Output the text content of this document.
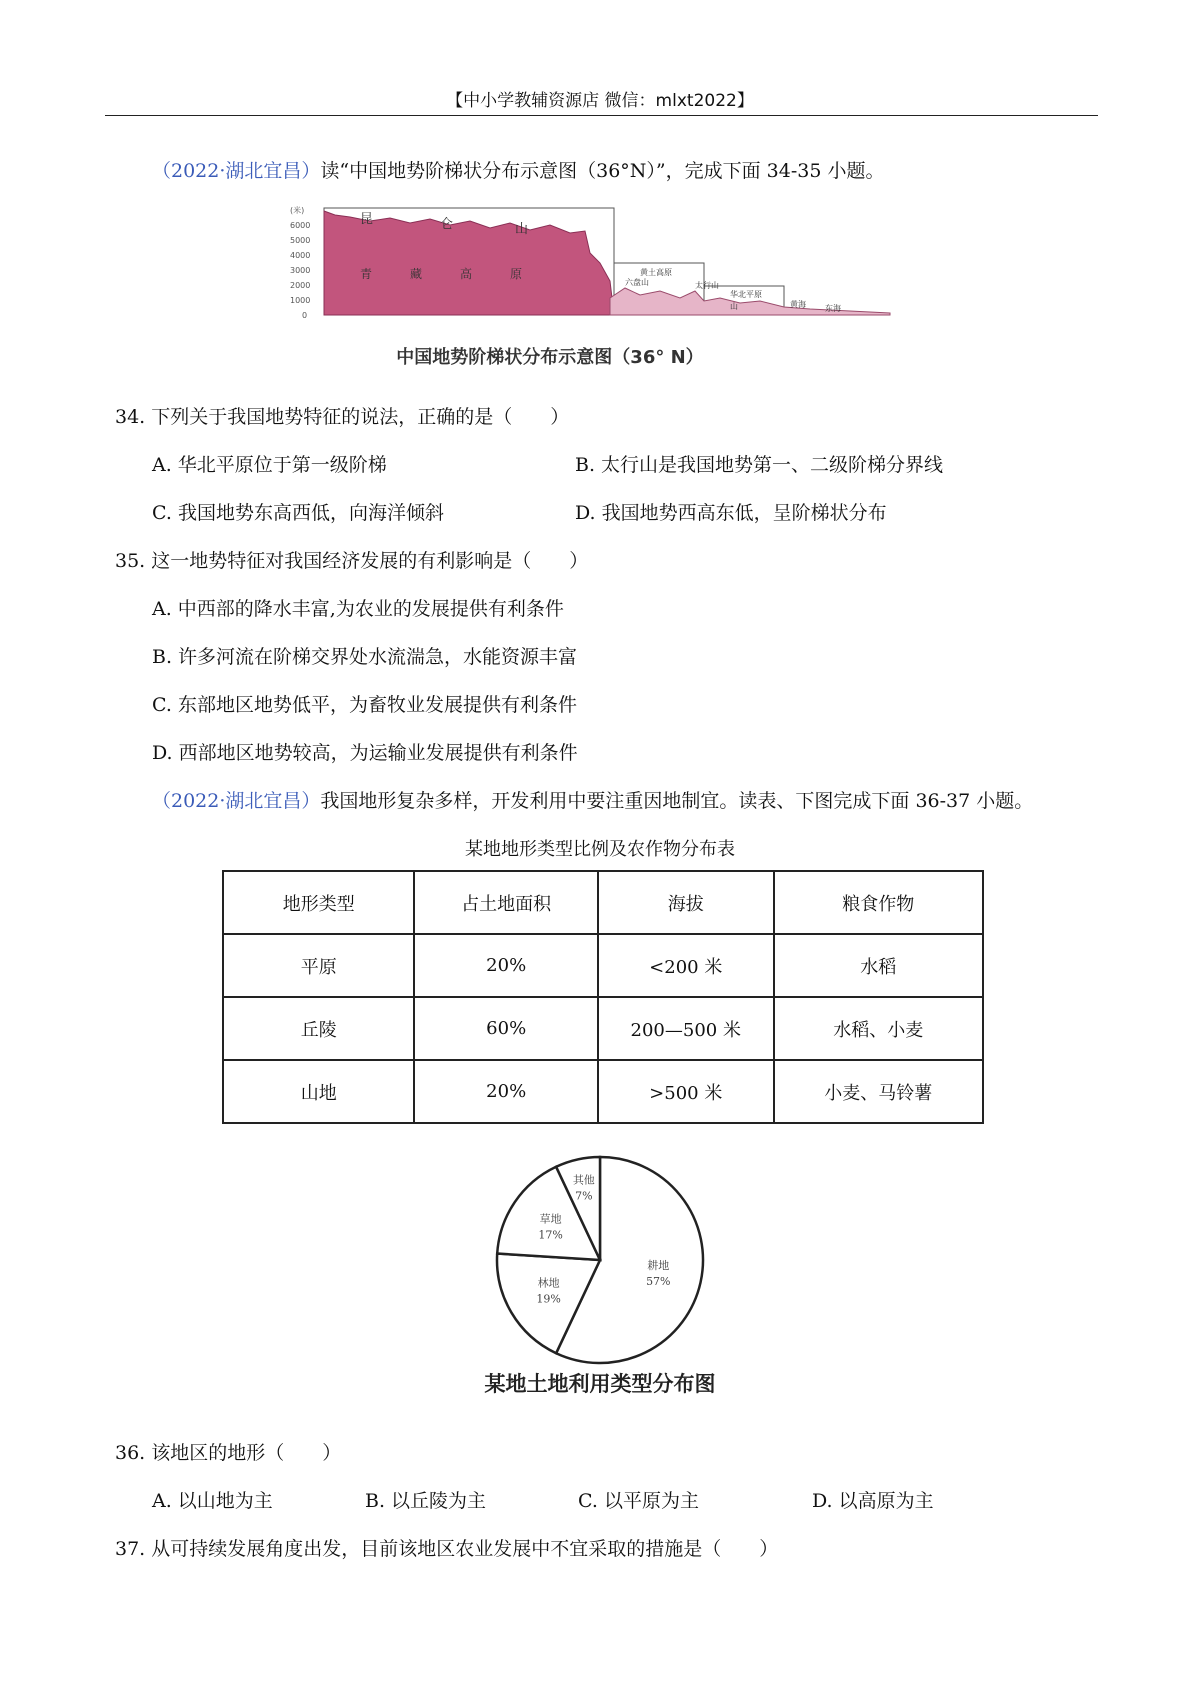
【中小学教辅资源店 微信：mlxt2022】
（2022·湖北宜昌）读“中国地势阶梯状分布示意图（36°N）”，完成下面 34-35 小题。
(米)
6000
5000
4000
3000
2000
1000
0
昆	仑	山
青	藏	高	原	黄土高原
六盘山	太行山
华北平原
山	黄海 东海
中国地势阶梯状分布示意图（36° N）
34. 下列关于我国地势特征的说法，正确的是（　　）
A. 华北平原位于第一级阶梯	B. 太行山是我国地势第一、二级阶梯分界线
C. 我国地势东高西低，向海洋倾斜	D. 我国地势西高东低，呈阶梯状分布
35. 这一地势特征对我国经济发展的有利影响是（　　）
A. 中西部的降水丰富,为农业的发展提供有利条件
B. 许多河流在阶梯交界处水流湍急，水能资源丰富
C. 东部地区地势低平，为畜牧业发展提供有利条件
D. 西部地区地势较高，为运输业发展提供有利条件
（2022·湖北宜昌）我国地形复杂多样，开发利用中要注重因地制宜。读表、下图完成下面 36-37 小题。
某地地形类型比例及农作物分布表
地形类型	占土地面积	海拔	粮食作物
平原	20%	<200 米	水稻
丘陵	60%	200—500 米	水稻、小麦
山地	20%	>500 米	小麦、马铃薯
耕地
57%
林地
19%
草地
17%
其他
7%
某地土地利用类型分布图
36. 该地区的地形（　　）
A. 以山地为主	B. 以丘陵为主	C. 以平原为主	D. 以高原为主
37. 从可持续发展角度出发，目前该地区农业发展中不宜采取的措施是（　　）
